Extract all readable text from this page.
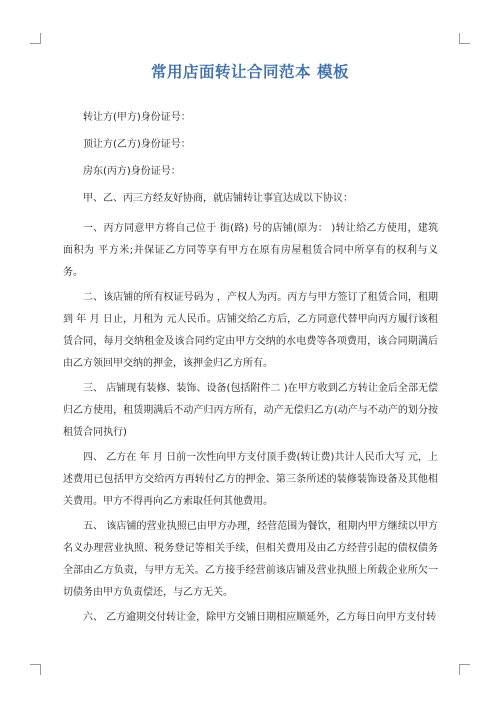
常用店面转让合同范本 模板

转让方(甲方)身份证号：

顶让方(乙方)身份证号：

房东(丙方)身份证号：

甲、乙、丙三方经友好协商，就店铺转让事宜达成以下协议：

一、丙方同意甲方将自己位于 街(路) 号的店铺(原为： )转让给乙方使用，建筑面积为 平方米;并保证乙方同等享有甲方在原有房屋租赁合同中所享有的权利与义务。

二、该店铺的所有权证号码为 ，产权人为丙。丙方与甲方签订了租赁合同，租期到 年 月 日止，月租为 元人民币。店铺交给乙方后，乙方同意代替甲向丙方履行该租赁合同，每月交纳租金及该合同约定由甲方交纳的水电费等各项费用，该合同期满后由乙方领回甲交纳的押金，该押金归乙方所有。

三、 店铺现有装修、装饰、设备(包括附件二 )在甲方收到乙方转让金后全部无偿归乙方使用，租赁期满后不动产归丙方所有，动产无偿归乙方(动产与不动产的划分按租赁合同执行)

四、 乙方在 年 月 日前一次性向甲方支付顶手费(转让费)共计人民币大写 元，上述费用已包括甲方交给丙方再转付乙方的押金、第三条所述的装修装饰设备及其他相关费用。甲方不得再向乙方索取任何其他费用。

五、 该店铺的营业执照已由甲方办理，经营范围为餐饮，租期内甲方继续以甲方名义办理营业执照、税务登记等相关手续，但相关费用及由乙方经营引起的债权债务全部由乙方负责，与甲方无关。乙方接手经营前该店铺及营业执照上所载企业所欠一切债务由甲方负责偿还，与乙方无关。

六、 乙方逾期交付转让金，除甲方交铺日期相应顺延外，乙方每日向甲方支付转
